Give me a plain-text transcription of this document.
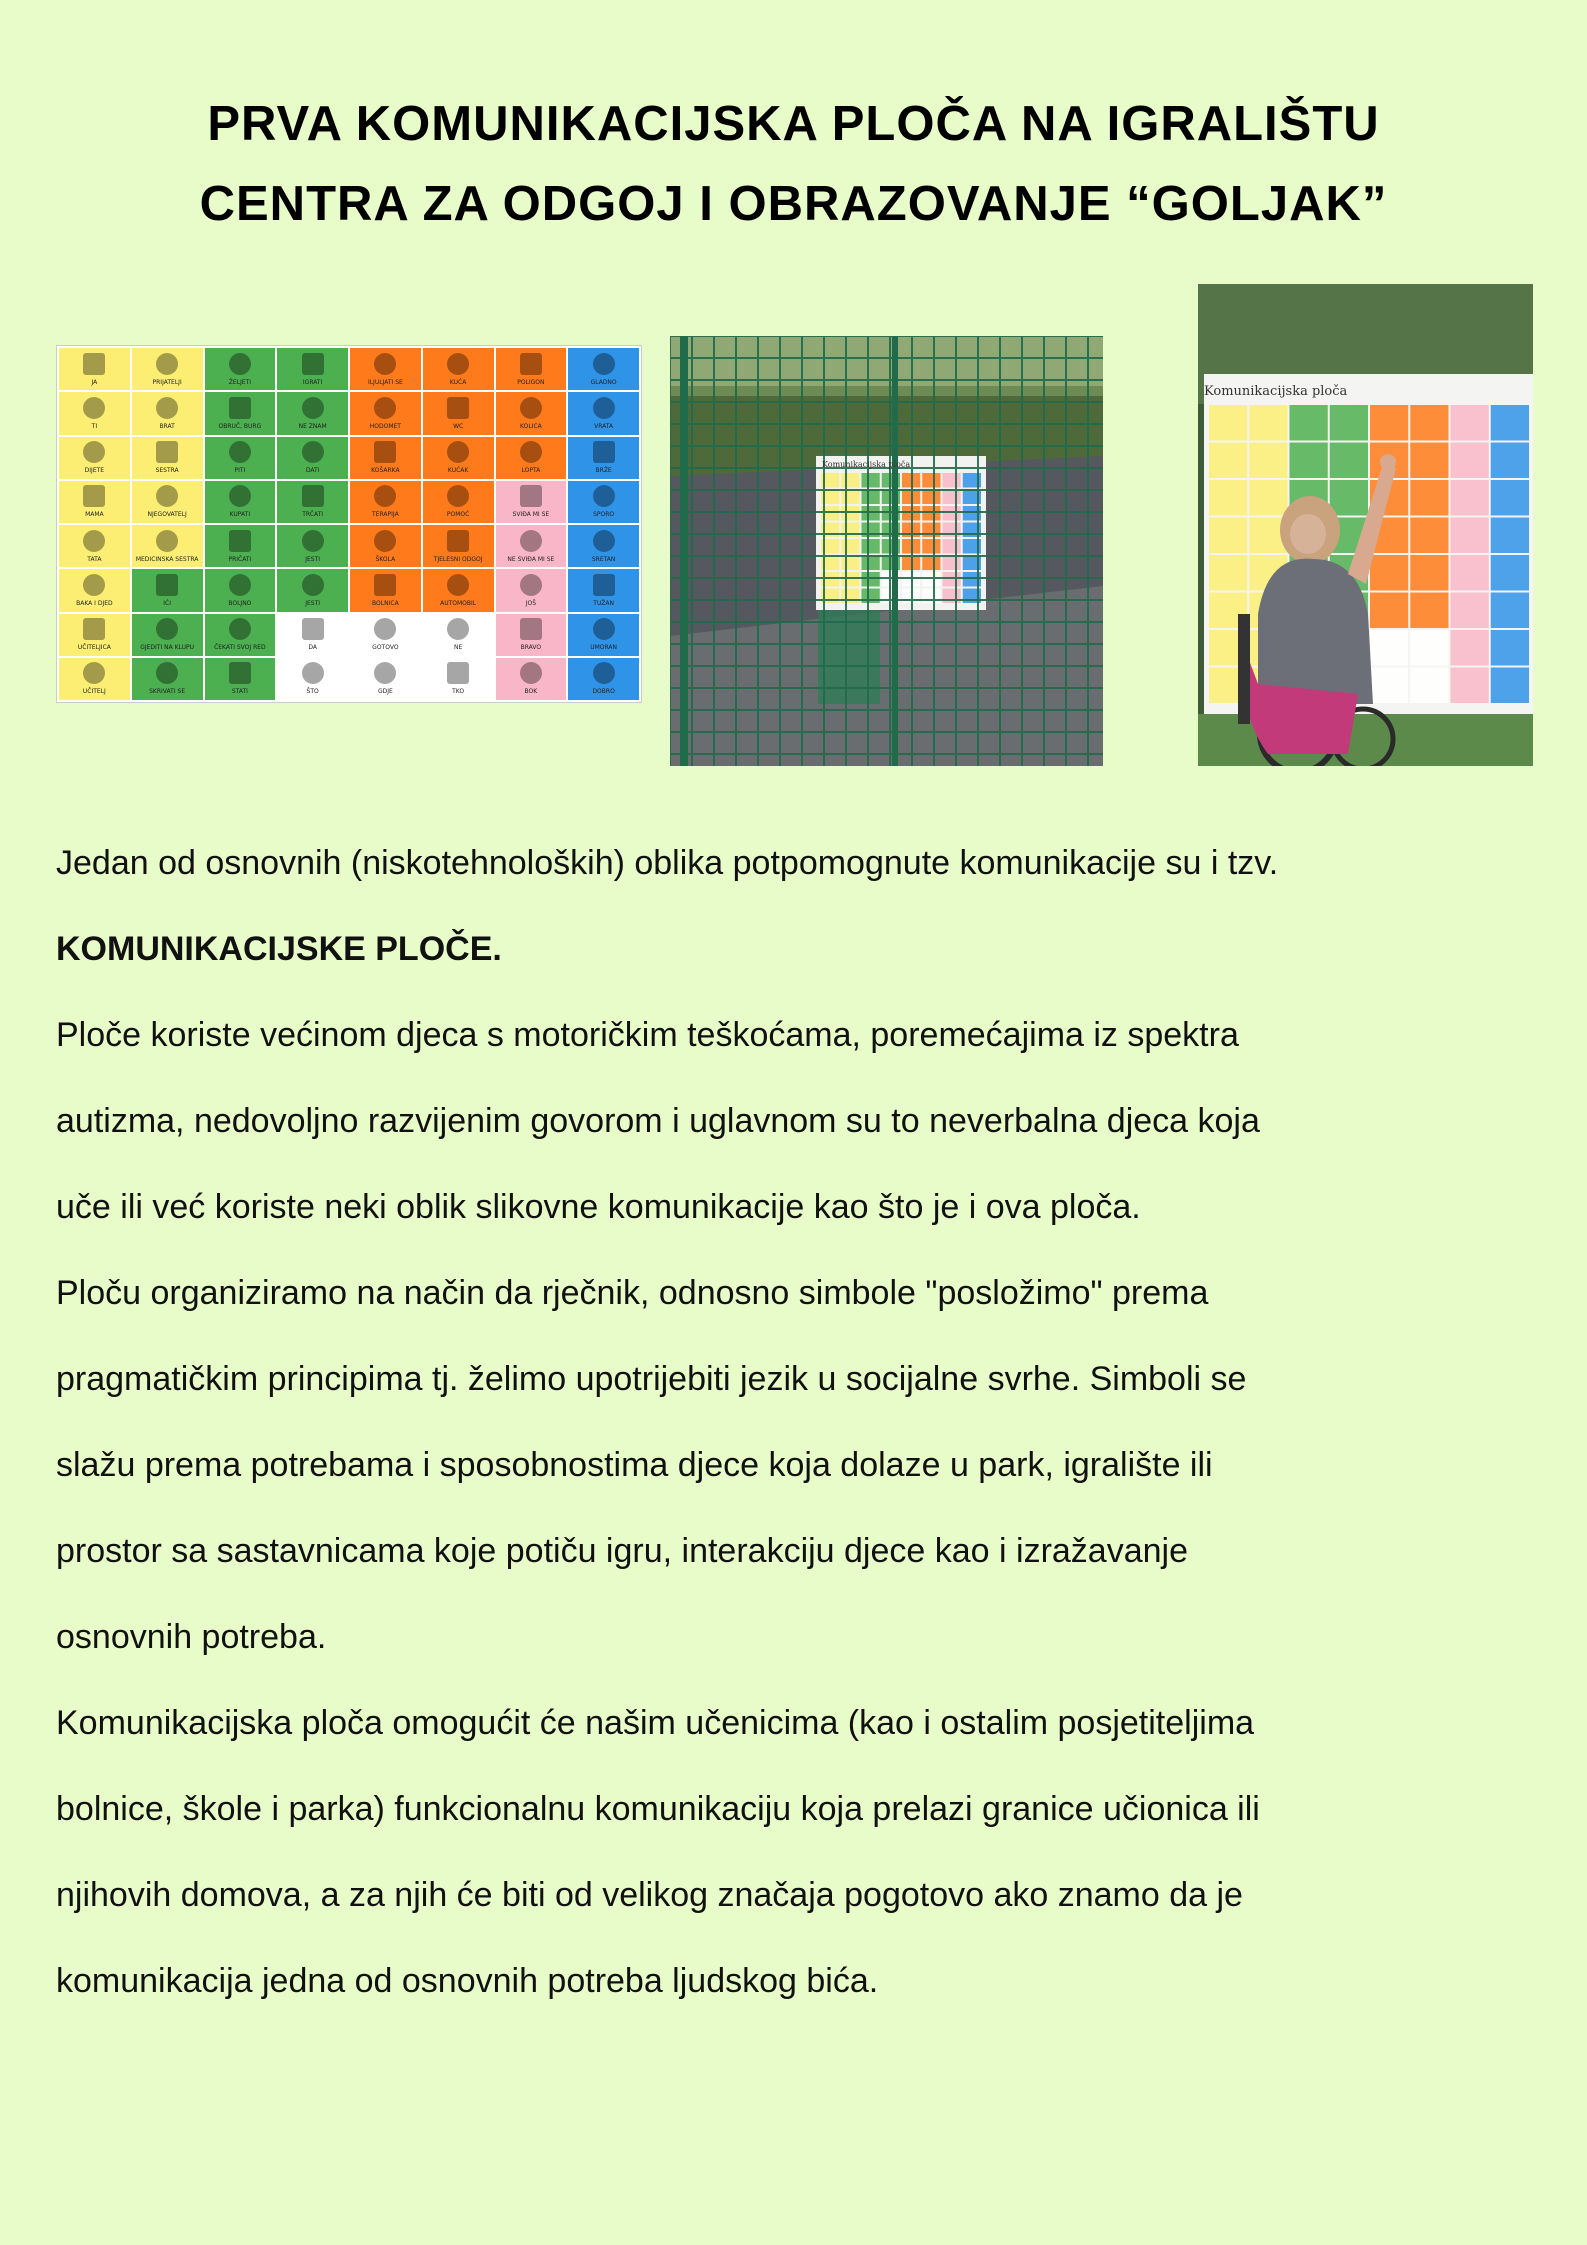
PRVA KOMUNIKACIJSKA PLOČA NA IGRALIŠTU
CENTRA ZA ODGOJ I OBRAZOVANJE “GOLJAK”
JA	PRIJATELJI	ŽELJETI	IGRATI	ILJULJATI SE	KUĆA	POLIGON	GLADNO
TI	BRAT	OBRUČ, BURG	NE ZNAM	HODOMET	WC	KOLICA	VRATA
DIJETE	SESTRA	PITI	DATI	KOŠARKA	KUĆAK	LOPTA	BRŽE
MAMA	NJEGOVATELJ	KUPATI	TRČATI	TERAPIJA	POMOĆ	SVIĐA MI SE	SPORO
TATA	MEDICINSKA SESTRA	PRIČATI	JESTI	ŠKOLA	TJELESNI ODGOJ	NE SVIĐA MI SE	SRETAN
BAKA I DJED	IĆI	BOLJNO	JESTI	BOLNICA	AUTOMOBIL	JOŠ	TUŽAN
UČITELJICA	GJEDITI NA KLUPU	ČEKATI SVOJ RED	DA	GOTOVO	NE	BRAVO	UMORAN
UČITELJ	SKRIVATI SE	STATI	ŠTO	GDJE	TKO	BOK	DOBRO
Komunikacijska ploča
Komunikacijska ploča

Jedan od osnovnih (niskotehnoloških) oblika potpomognute komunikacije su i tzv.

KOMUNIKACIJSKE PLOČE.

Ploče koriste većinom djeca s motoričkim teškoćama, poremećajima iz spektra

autizma, nedovoljno razvijenim govorom i uglavnom su to neverbalna djeca koja

uče ili već koriste neki oblik slikovne komunikacije kao što je i ova ploča.

Ploču organiziramo na način da rječnik, odnosno simbole "posložimo" prema

pragmatičkim principima tj. želimo upotrijebiti jezik u socijalne svrhe. Simboli se

slažu prema potrebama i sposobnostima djece koja dolaze u park, igralište ili

prostor sa sastavnicama koje potiču igru, interakciju djece kao i izražavanje

osnovnih potreba.

Komunikacijska ploča omogućit će našim učenicima (kao i ostalim posjetiteljima

bolnice, škole i parka) funkcionalnu komunikaciju koja prelazi granice učionica ili

njihovih domova, a za njih će biti od velikog značaja pogotovo ako znamo da je

komunikacija jedna od osnovnih potreba ljudskog bića.
